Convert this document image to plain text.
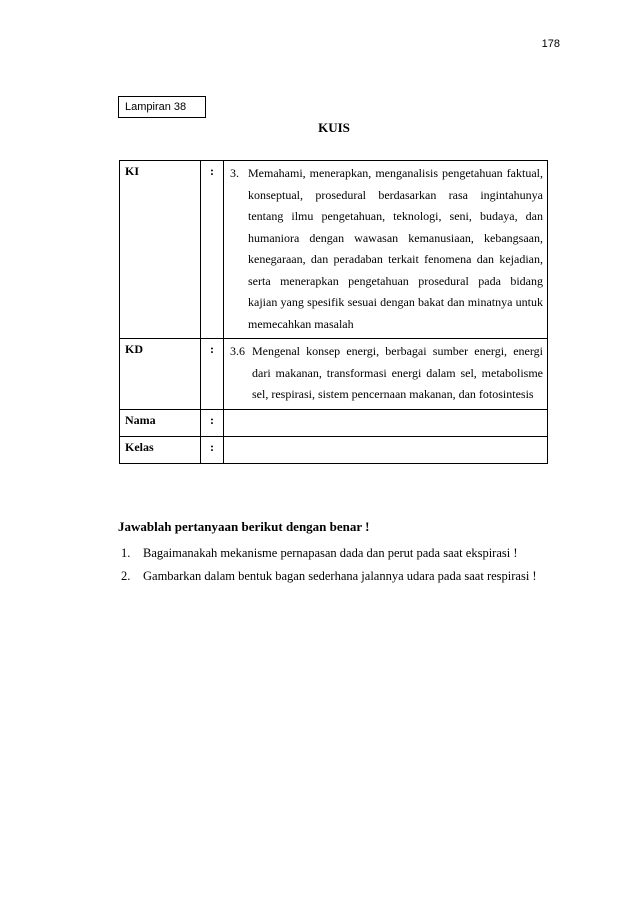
178
Lampiran 38
KUIS
KI	:	3. Memahami, menerapkan, menganalisis pengetahuan faktual, konseptual, prosedural berdasarkan rasa ingintahunya tentang ilmu pengetahuan, teknologi, seni, budaya, dan humaniora dengan wawasan kemanusiaan, kebangsaan, kenegaraan, dan peradaban terkait fenomena dan kejadian, serta menerapkan pengetahuan prosedural pada bidang kajian yang spesifik sesuai dengan bakat dan minatnya untuk memecahkan masalah

KD	:	3.6 Mengenal konsep energi, berbagai sumber energi, energi dari makanan, transformasi energi dalam sel, metabolisme sel, respirasi, sistem pencernaan makanan, dan fotosintesis

Nama	:	
Kelas	:	
Jawablah pertanyaan berikut dengan benar !
1.	Bagaimanakah mekanisme pernapasan dada dan perut pada saat ekspirasi !
2.	Gambarkan dalam bentuk bagan sederhana jalannya udara pada saat respirasi !
